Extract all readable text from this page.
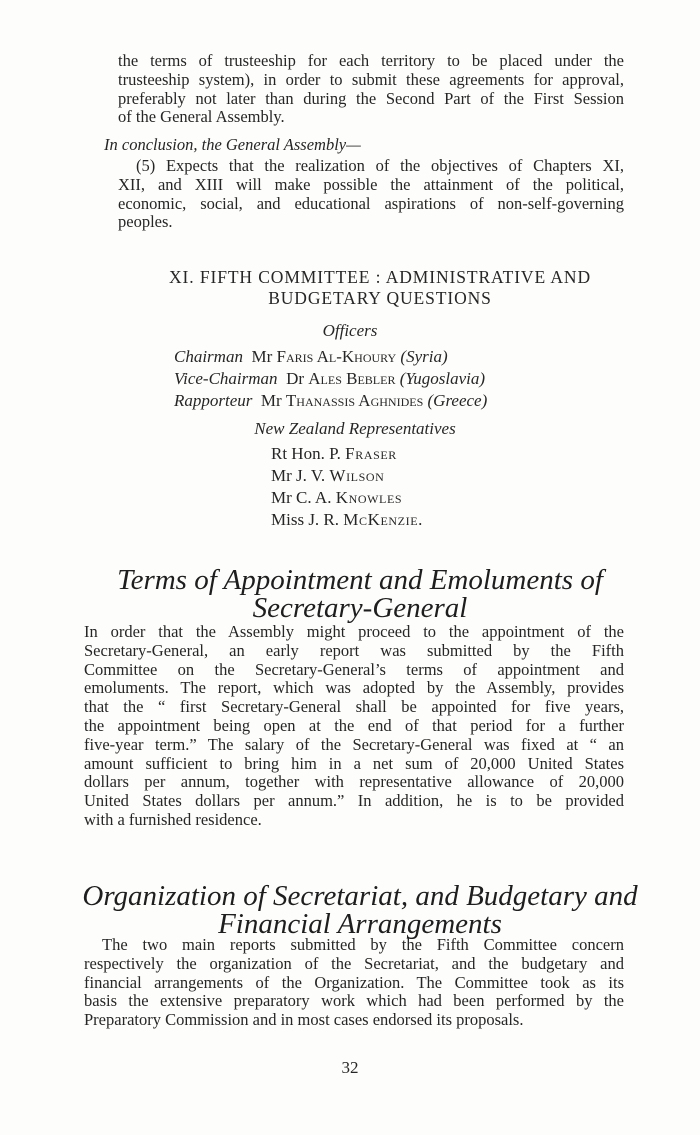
the terms of trusteeship for each territory to be placed under the
trusteeship system), in order to submit these agreements for approval,
preferably not later than during the Second Part of the First Session
of the General Assembly.
In conclusion, the General Assembly—
(5) Expects that the realization of the objectives of Chapters XI,
XII, and XIII will make possible the attainment of the political,
economic, social, and educational aspirations of non-self-governing
peoples.
XI. FIFTH COMMITTEE : ADMINISTRATIVE AND
BUDGETARY QUESTIONS
Officers
Chairman Mr Faris Al-Khoury (Syria)
Vice-Chairman Dr Ales Bebler (Yugoslavia)
Rapporteur Mr Thanassis Aghnides (Greece)
New Zealand Representatives
Rt Hon. P. Fraser
Mr J. V. Wilson
Mr C. A. Knowles
Miss J. R. McKenzie.
Terms of Appointment and Emoluments of
Secretary-General
In order that the Assembly might proceed to the appointment of the
Secretary-General, an early report was submitted by the Fifth
Committee on the Secretary-General’s terms of appointment and
emoluments. The report, which was adopted by the Assembly, provides
that the “ first Secretary-General shall be appointed for five years,
the appointment being open at the end of that period for a further
five-year term.” The salary of the Secretary-General was fixed at “ an
amount sufficient to bring him in a net sum of 20,000 United States
dollars per annum, together with representative allowance of 20,000
United States dollars per annum.” In addition, he is to be provided
with a furnished residence.
Organization of Secretariat, and Budgetary and
Financial Arrangements
The two main reports submitted by the Fifth Committee concern
respectively the organization of the Secretariat, and the budgetary and
financial arrangements of the Organization. The Committee took as its
basis the extensive preparatory work which had been performed by the
Preparatory Commission and in most cases endorsed its proposals.
32
